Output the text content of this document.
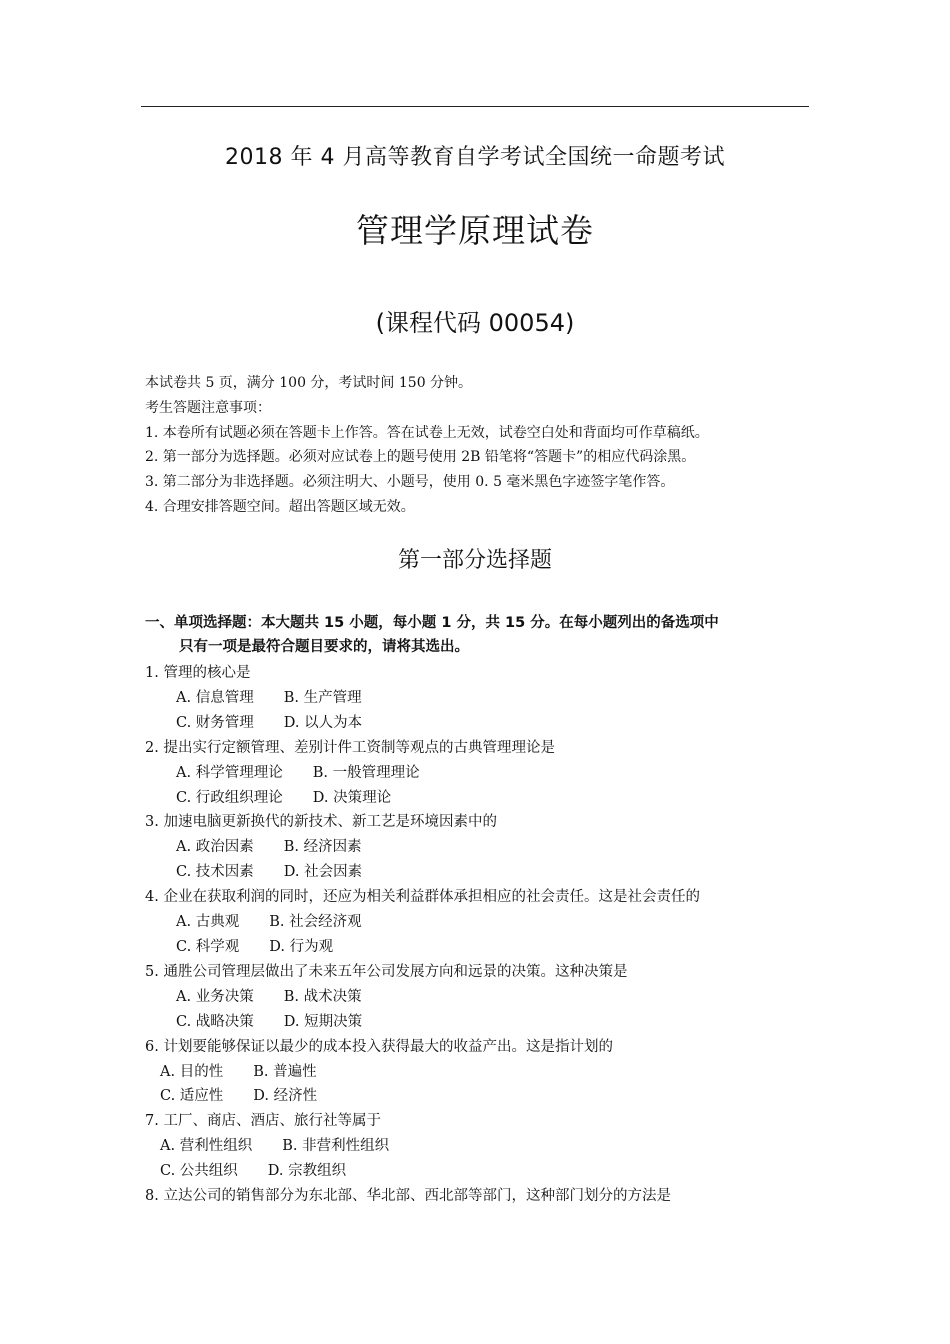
2018 年 4 月高等教育自学考试全国统一命题考试
管理学原理试卷
(课程代码 00054)
本试卷共 5 页，满分 100 分，考试时间 150 分钟。
考生答题注意事项：
1. 本卷所有试题必须在答题卡上作答。答在试卷上无效，试卷空白处和背面均可作草稿纸。
2. 第一部分为选择题。必须对应试卷上的题号使用 2B 铅笔将“答题卡”的相应代码涂黑。
3. 第二部分为非选择题。必须注明大、小题号，使用 0. 5 毫米黑色字迹签字笔作答。
4. 合理安排答题空间。超出答题区域无效。
第一部分选择题
一、单项选择题：本大题共 15 小题，每小题 1 分，共 15 分。在每小题列出的备选项中
只有一项是最符合题目要求的，请将其选出。
1. 管理的核心是
A. 信息管理 B. 生产管理
C. 财务管理 D. 以人为本
2. 提出实行定额管理、差别计件工资制等观点的古典管理理论是
A. 科学管理理论 B. 一般管理理论
C. 行政组织理论 D. 决策理论
3. 加速电脑更新换代的新技术、新工艺是环境因素中的
A. 政治因素 B. 经济因素
C. 技术因素 D. 社会因素
4. 企业在获取利润的同时，还应为相关利益群体承担相应的社会责任。这是社会责任的
A. 古典观 B. 社会经济观
C. 科学观 D. 行为观
5. 通胜公司管理层做出了未来五年公司发展方向和远景的决策。这种决策是
A. 业务决策 B. 战术决策
C. 战略决策 D. 短期决策
6. 计划要能够保证以最少的成本投入获得最大的收益产出。这是指计划的
A. 目的性 B. 普遍性
C. 适应性 D. 经济性
7. 工厂、商店、酒店、旅行社等属于
A. 营利性组织 B. 非营利性组织
C. 公共组织 D. 宗教组织
8. 立达公司的销售部分为东北部、华北部、西北部等部门，这种部门划分的方法是
